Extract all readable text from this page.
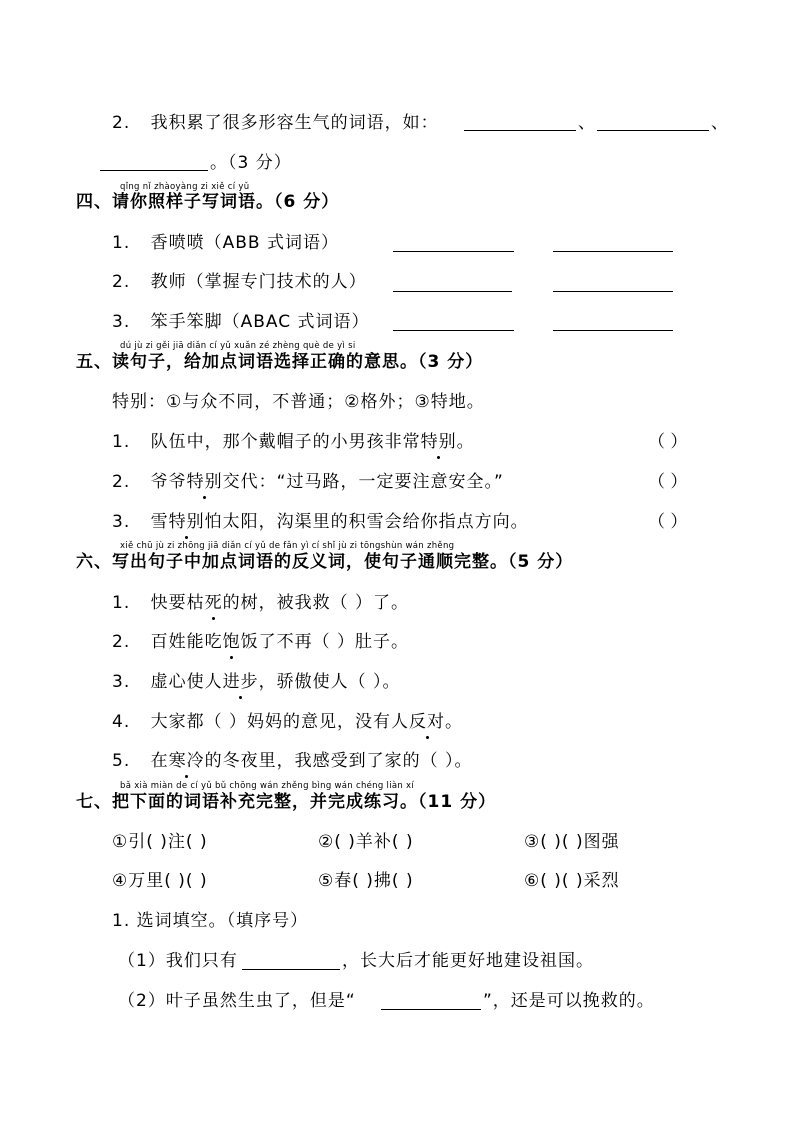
2. 我积累了很多形容生气的词语，如：	、	、
。（3 分）
qǐng nǐ zhàoyàng zi xiě cí yǔ
四、请你照样子写词语。（6 分）
1. 香喷喷（ABB 式词语）
2. 教师（掌握专门技术的人）
3. 笨手笨脚（ABAC 式词语）
dú jù zi gěi jiā diǎn cí yǔ xuǎn zé zhèng què de yì si
五、读句子，给加点词语选择正确的意思。（3 分）
特别：①与众不同，不普通；②格外；③特地。
1. 队伍中，那个戴帽子的小男孩非常特别。	（ ）
2. 爷爷特别交代：“过马路，一定要注意安全。”	（ ）
3. 雪特别怕太阳，沟渠里的积雪会给你指点方向。	（ ）
xiě chū jù zi zhōng jiā diǎn cí yǔ de fǎn yì cí shǐ jù zi tōngshùn wán zhěng
六、写出句子中加点词语的反义词，使句子通顺完整。（5 分）
1. 快要枯死的树，被我救（ ）了。
2. 百姓能吃饱饭了不再（ ）肚子。
3. 虚心使人进步，骄傲使人（ ）。
4. 大家都（ ）妈妈的意见，没有人反对。
5. 在寒冷的冬夜里，我感受到了家的（ ）。
bǎ xià miàn de cí yǔ bǔ chōng wán zhěng bìng wán chéng liàn xí
七、把下面的词语补充完整，并完成练习。（11 分）
①引( )注( )	②( )羊补( )	③( )( )图强
④万里( )( )	⑤春( )拂( )	⑥( )( )采烈
1. 选词填空。（填序号）
（1）我们只有	，长大后才能更好地建设祖国。
（2）叶子虽然生虫了，但是“	”，还是可以挽救的。
